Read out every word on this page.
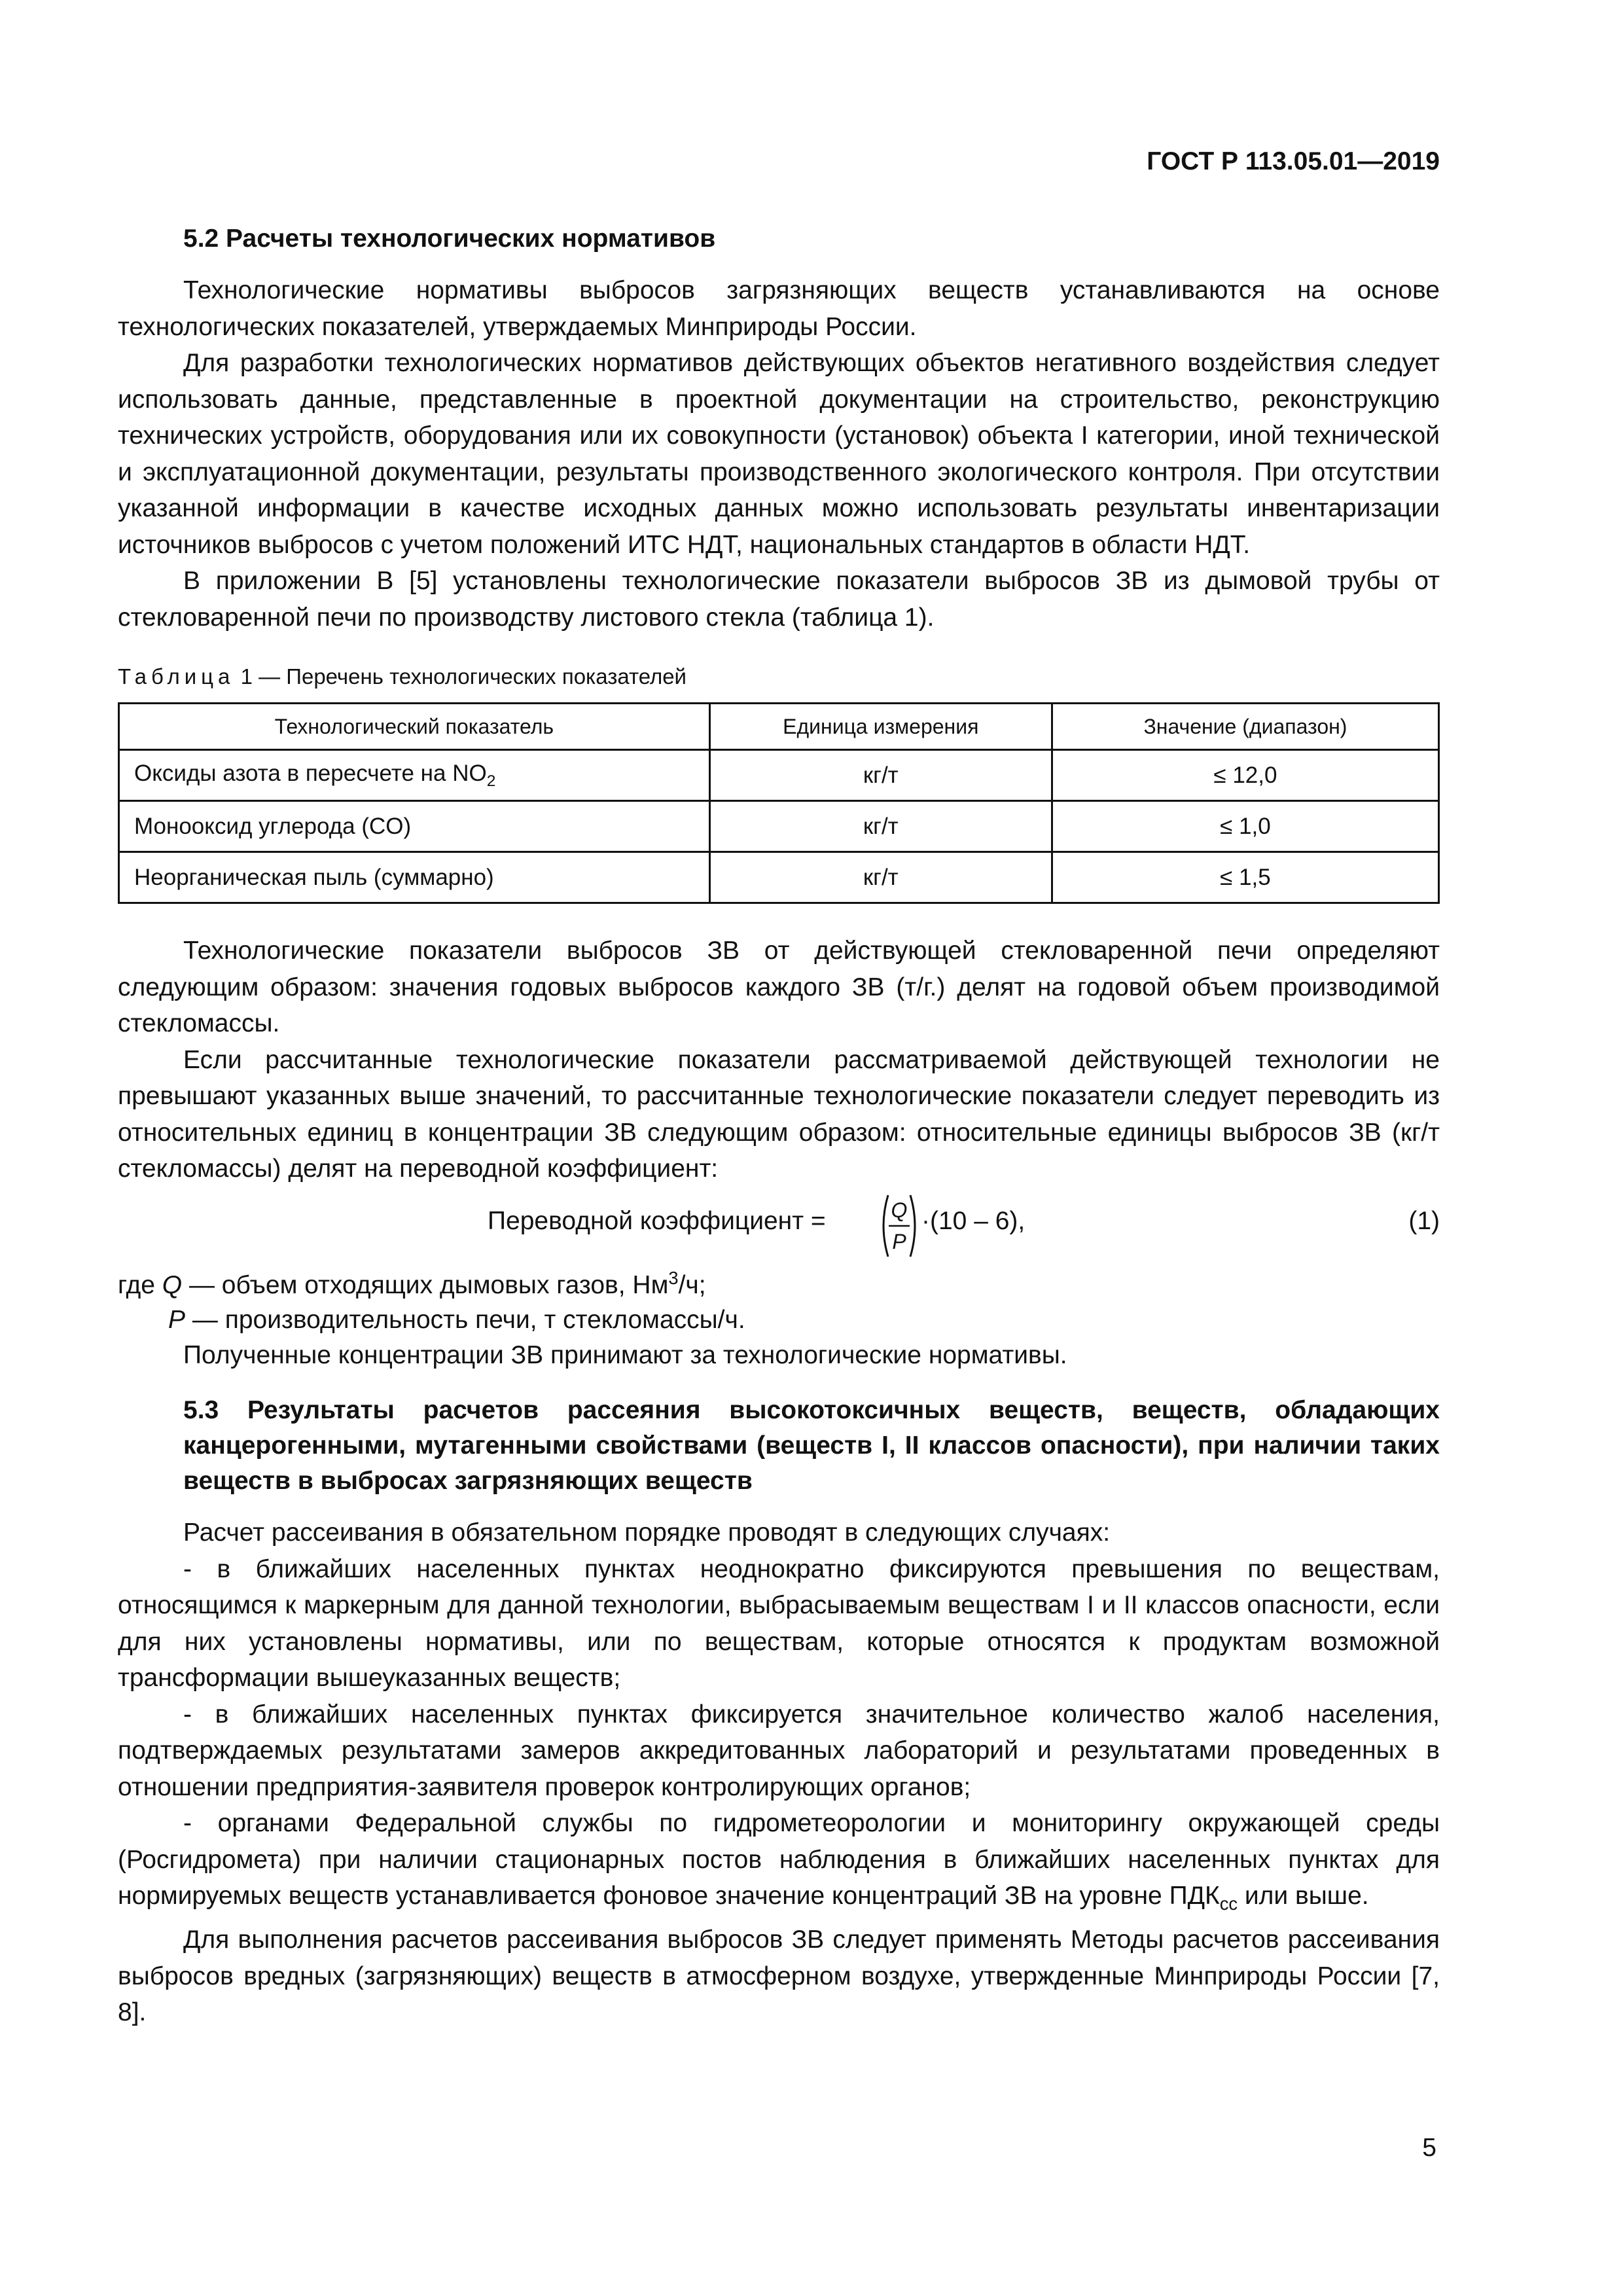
ГОСТ Р 113.05.01—2019
5.2 Расчеты технологических нормативов

Технологические нормативы выбросов загрязняющих веществ устанавливаются на основе технологических показателей, утверждаемых Минприроды России.

Для разработки технологических нормативов действующих объектов негативного воздействия следует использовать данные, представленные в проектной документации на строительство, реконструкцию технических устройств, оборудования или их совокупности (установок) объекта I категории, иной технической и эксплуатационной документации, результаты производственного экологического контроля. При отсутствии указанной информации в качестве исходных данных можно использовать результаты инвентаризации источников выбросов с учетом положений ИТС НДТ, национальных стандартов в области НДТ.

В приложении В [5] установлены технологические показатели выбросов ЗВ из дымовой трубы от стекловаренной печи по производству листового стекла (таблица 1).

Таблица 1 — Перечень технологических показателей
Технологический показатель	Единица измерения	Значение (диапазон)
Оксиды азота в пересчете на $NO_2$	кг/т	≤ 12,0
Монооксид углерода (CO)	кг/т	≤ 1,0
Неорганическая пыль (суммарно)	кг/т	≤ 1,5

Технологические показатели выбросов ЗВ от действующей стекловаренной печи определяют следующим образом: значения годовых выбросов каждого ЗВ (т/г.) делят на годовой объем производимой стекломассы.

Если рассчитанные технологические показатели рассматриваемой действующей технологии не превышают указанных выше значений, то рассчитанные технологические показатели следует переводить из относительных единиц в концентрации ЗВ следующим образом: относительные единицы выбросов ЗВ (кг/т стекломассы) делят на переводной коэффициент:

Переводной коэффициент =	Q
P
·(10 – 6),	(1)
где Q — объем отходящих дымовых газов, $Нм^3/ч$;
P — производительность печи, т стекломассы/ч.

Полученные концентрации ЗВ принимают за технологические нормативы.

5.3 Результаты расчетов рассеяния высокотоксичных веществ, веществ, обладающих канцерогенными, мутагенными свойствами (веществ I, II классов опасности), при наличии таких веществ в выбросах загрязняющих веществ

Расчет рассеивания в обязательном порядке проводят в следующих случаях:

- в ближайших населенных пунктах неоднократно фиксируются превышения по веществам, относящимся к маркерным для данной технологии, выбрасываемым веществам I и II классов опасности, если для них установлены нормативы, или по веществам, которые относятся к продуктам возможной трансформации вышеуказанных веществ;

- в ближайших населенных пунктах фиксируется значительное количество жалоб населения, подтверждаемых результатами замеров аккредитованных лабораторий и результатами проведенных в отношении предприятия-заявителя проверок контролирующих органов;

- органами Федеральной службы по гидрометеорологии и мониторингу окружающей среды (Росгидромета) при наличии стационарных постов наблюдения в ближайших населенных пунктах для нормируемых веществ устанавливается фоновое значение концентраций ЗВ на уровне $ПДК_{сс}$ или выше.

Для выполнения расчетов рассеивания выбросов ЗВ следует применять Методы расчетов рассеивания выбросов вредных (загрязняющих) веществ в атмосферном воздухе, утвержденные Минприроды России [7, 8].

5
